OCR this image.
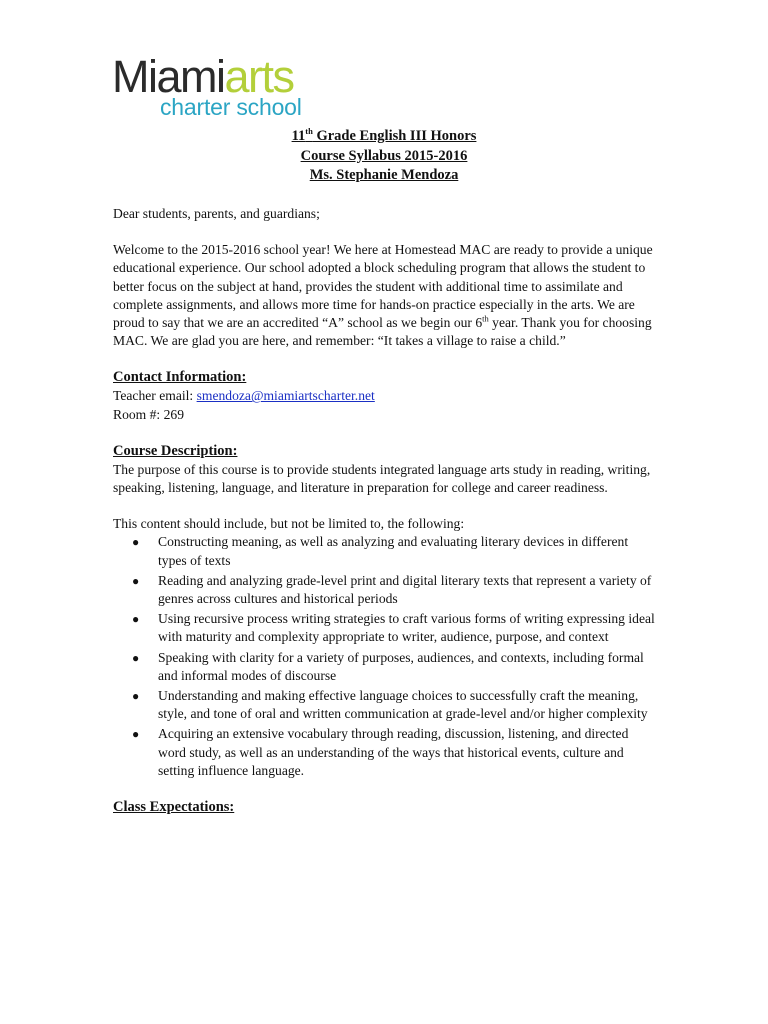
Miamiarts
charter school
11th Grade English III Honors
Course Syllabus 2015-2016
Ms. Stephanie Mendoza

Dear students, parents, and guardians;

Welcome to the 2015-2016 school year! We here at Homestead MAC are ready to provide a unique educational experience. Our school adopted a block scheduling program that allows the student to better focus on the subject at hand, provides the student with additional time to assimilate and complete assignments, and allows more time for hands-on practice especially in the arts. We are proud to say that we are an accredited “A” school as we begin our 6th year. Thank you for choosing MAC. We are glad you are here, and remember: “It takes a village to raise a child.”

Contact Information:

Teacher email: smendoza@miamiartscharter.net

Room #: 269

Course Description:

The purpose of this course is to provide students integrated language arts study in reading, writing, speaking, listening, language, and literature in preparation for college and career readiness.

This content should include, but not be limited to, the following:

● Constructing meaning, as well as analyzing and evaluating literary devices in different types of texts
● Reading and analyzing grade-level print and digital literary texts that represent a variety of genres across cultures and historical periods
● Using recursive process writing strategies to craft various forms of writing expressing ideal with maturity and complexity appropriate to writer, audience, purpose, and context
● Speaking with clarity for a variety of purposes, audiences, and contexts, including formal and informal modes of discourse
● Understanding and making effective language choices to successfully craft the meaning, style, and tone of oral and written communication at grade-level and/or higher complexity
● Acquiring an extensive vocabulary through reading, discussion, listening, and directed word study, as well as an understanding of the ways that historical events, culture and setting influence language.

Class Expectations:
